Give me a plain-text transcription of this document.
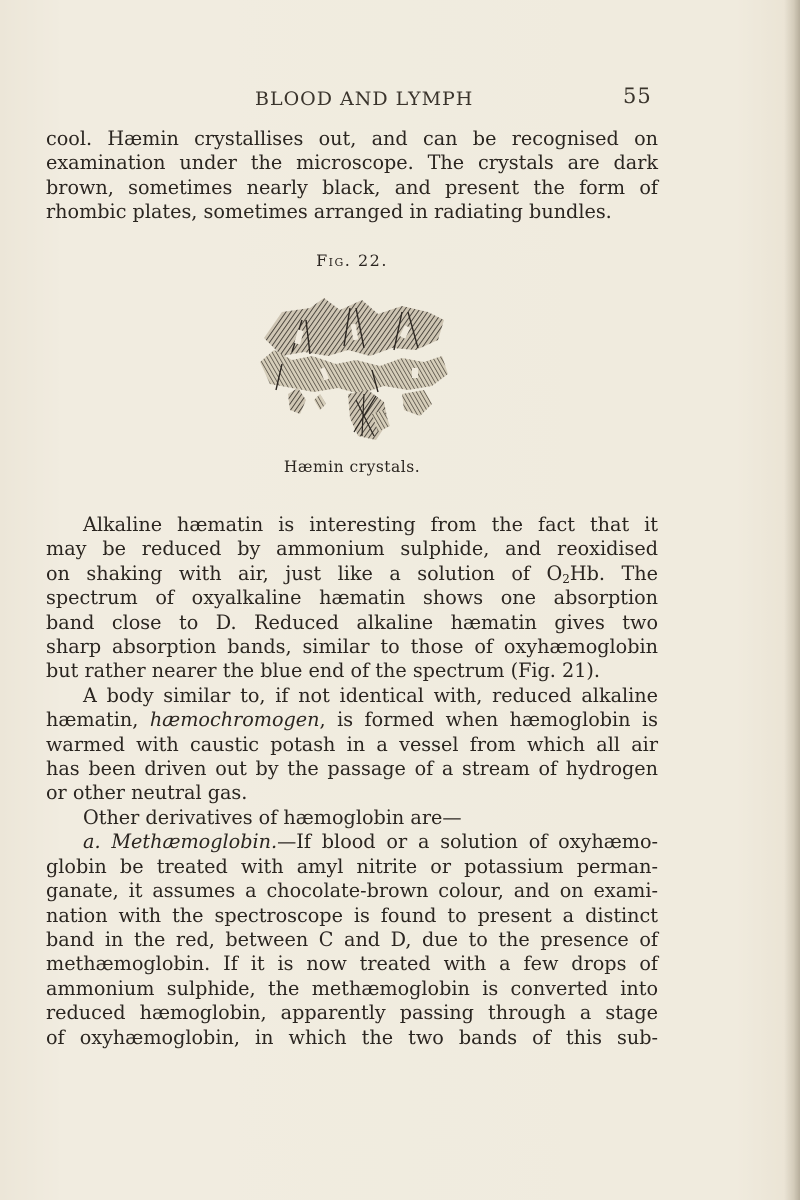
BLOOD AND LYMPH	55
cool. Hæmin crystallises out, and can be recognised on
examination under the microscope. The crystals are dark
brown, sometimes nearly black, and present the form of
rhombic plates, sometimes arranged in radiating bundles.
Fig. 22.
Hæmin crystals.
Alkaline hæmatin is interesting from the fact that it
may be reduced by ammonium sulphide, and reoxidised
on shaking with air, just like a solution of $O_2Hb$. The
spectrum of oxyalkaline hæmatin shows one absorption
band close to D. Reduced alkaline hæmatin gives two
sharp absorption bands, similar to those of oxyhæmoglobin
but rather nearer the blue end of the spectrum (Fig. 21).
A body similar to, if not identical with, reduced alkaline
hæmatin, hæmochromogen, is formed when hæmoglobin is
warmed with caustic potash in a vessel from which all air
has been driven out by the passage of a stream of hydrogen
or other neutral gas.
Other derivatives of hæmoglobin are—
a. Methæmoglobin.—If blood or a solution of oxyhæmo-
globin be treated with amyl nitrite or potassium perman-
ganate, it assumes a chocolate-brown colour, and on exami-
nation with the spectroscope is found to present a distinct
band in the red, between C and D, due to the presence of
methæmoglobin. If it is now treated with a few drops of
ammonium sulphide, the methæmoglobin is converted into
reduced hæmoglobin, apparently passing through a stage
of oxyhæmoglobin, in which the two bands of this sub-
